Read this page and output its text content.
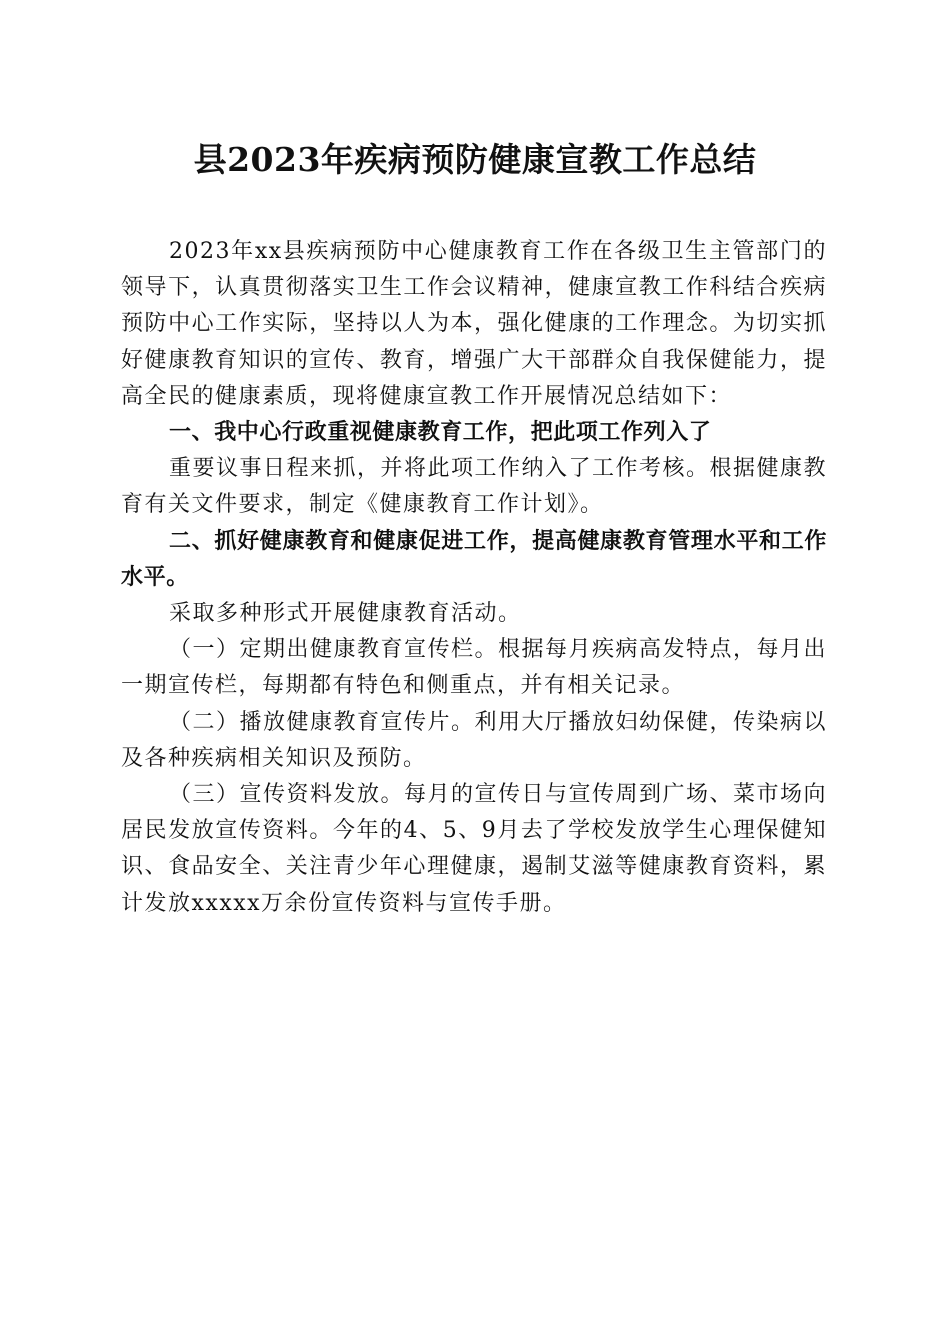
县2023年疾病预防健康宣教工作总结

2023年xx县疾病预防中心健康教育工作在各级卫生主管部门的领导下，认真贯彻落实卫生工作会议精神，健康宣教工作科结合疾病预防中心工作实际，坚持以人为本，强化健康的工作理念。为切实抓好健康教育知识的宣传、教育，增强广大干部群众自我保健能力，提高全民的健康素质，现将健康宣教工作开展情况总结如下：

一、我中心行政重视健康教育工作，把此项工作列入了

重要议事日程来抓，并将此项工作纳入了工作考核。根据健康教育有关文件要求，制定《健康教育工作计划》。

二、抓好健康教育和健康促进工作，提高健康教育管理水平和工作水平。

采取多种形式开展健康教育活动。

（一）定期出健康教育宣传栏。根据每月疾病高发特点，每月出一期宣传栏，每期都有特色和侧重点，并有相关记录。

（二）播放健康教育宣传片。利用大厅播放妇幼保健，传染病以及各种疾病相关知识及预防。

（三）宣传资料发放。每月的宣传日与宣传周到广场、菜市场向居民发放宣传资料。今年的4、5、9月去了学校发放学生心理保健知识、食品安全、关注青少年心理健康，遏制艾滋等健康教育资料，累计发放xxxxx万余份宣传资料与宣传手册。
